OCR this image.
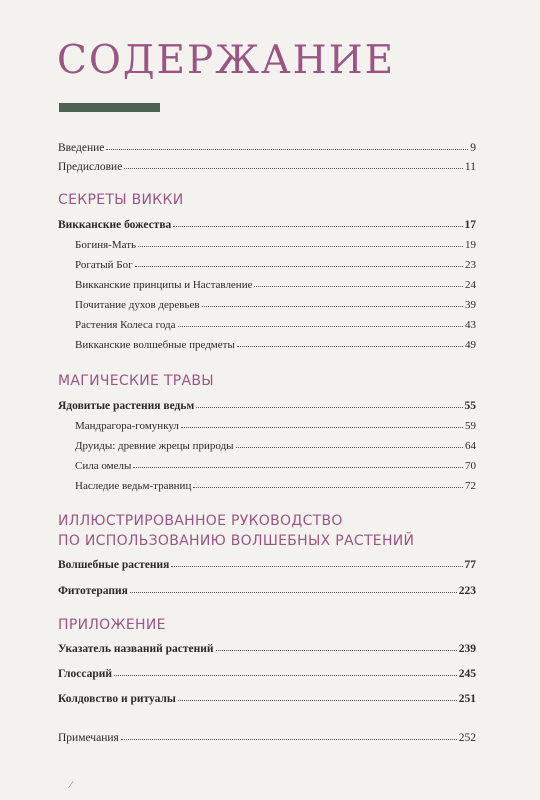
СОДЕРЖАНИЕ
Введение	9
Предисловие	11
СЕКРЕТЫ ВИККИ
Викканские божества	17
Богиня-Мать	19
Рогатый Бог	23
Викканские принципы и Наставление	24
Почитание духов деревьев	39
Растения Колеса года	43
Викканские волшебные предметы	49
МАГИЧЕСКИЕ ТРАВЫ
Ядовитые растения ведьм	55
Мандрагора-гомункул	59
Друиды: древние жрецы природы	64
Сила омелы	70
Наследие ведьм-травниц	72
ИЛЛЮСТРИРОВАННОЕ РУКОВОДСТВО
ПО ИСПОЛЬЗОВАНИЮ ВОЛШЕБНЫХ РАСТЕНИЙ
Волшебные растения	77
Фитотерапия	223
ПРИЛОЖЕНИЕ
Указатель названий растений	239
Глоссарий	245
Колдовство и ритуалы	251
Примечания	252
⁄
